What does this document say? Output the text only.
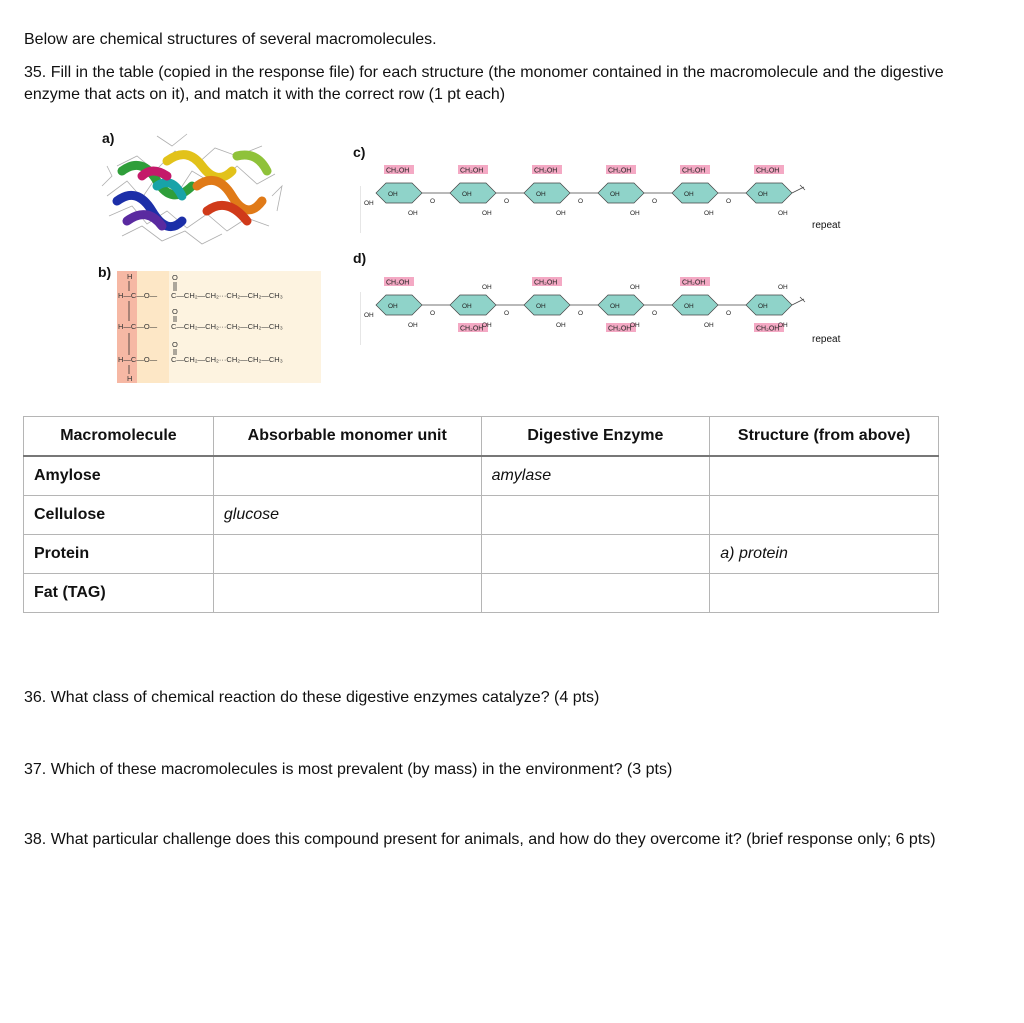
Below are chemical structures of several macromolecules.
35. Fill in the table (copied in the response file) for each structure (the monomer contained in the macromolecule and the digestive enzyme that acts on it), and match it with the correct row (1 pt each)
a)
b)
c)
d)
H
H—C—O— C—CH₂—CH₂···CH₂—CH₂—CH₃
H—C—O— C—CH₂—CH₂···CH₂—CH₂—CH₃
H—C—O— C—CH₂—CH₂···CH₂—CH₂—CH₃
H
O
O
O
CH₂OH
OH
OH
O
CH₂OH
OH
OH
O
CH₂OH
OH
OH
O
CH₂OH
OH
OH
O
CH₂OH
OH
OH
O
CH₂OH
OH
OH
OH
repeat
CH₂OH
OH
OH
O
CH₂OH
OH
OH
OH
O
CH₂OH
OH
OH
O
CH₂OH
OH
OH
OH
O
CH₂OH
OH
OH
O
CH₂OH
OH
OH
OH
OH
repeat
Macromolecule	Absorbable monomer unit	Digestive Enzyme	Structure (from above)
Amylose		amylase	
Cellulose	glucose		
Protein			a) protein
Fat (TAG)			
36. What class of chemical reaction do these digestive enzymes catalyze? (4 pts)
37. Which of these macromolecules is most prevalent (by mass) in the environment? (3 pts)
38. What particular challenge does this compound present for animals, and how do they overcome it? (brief response only; 6 pts)
